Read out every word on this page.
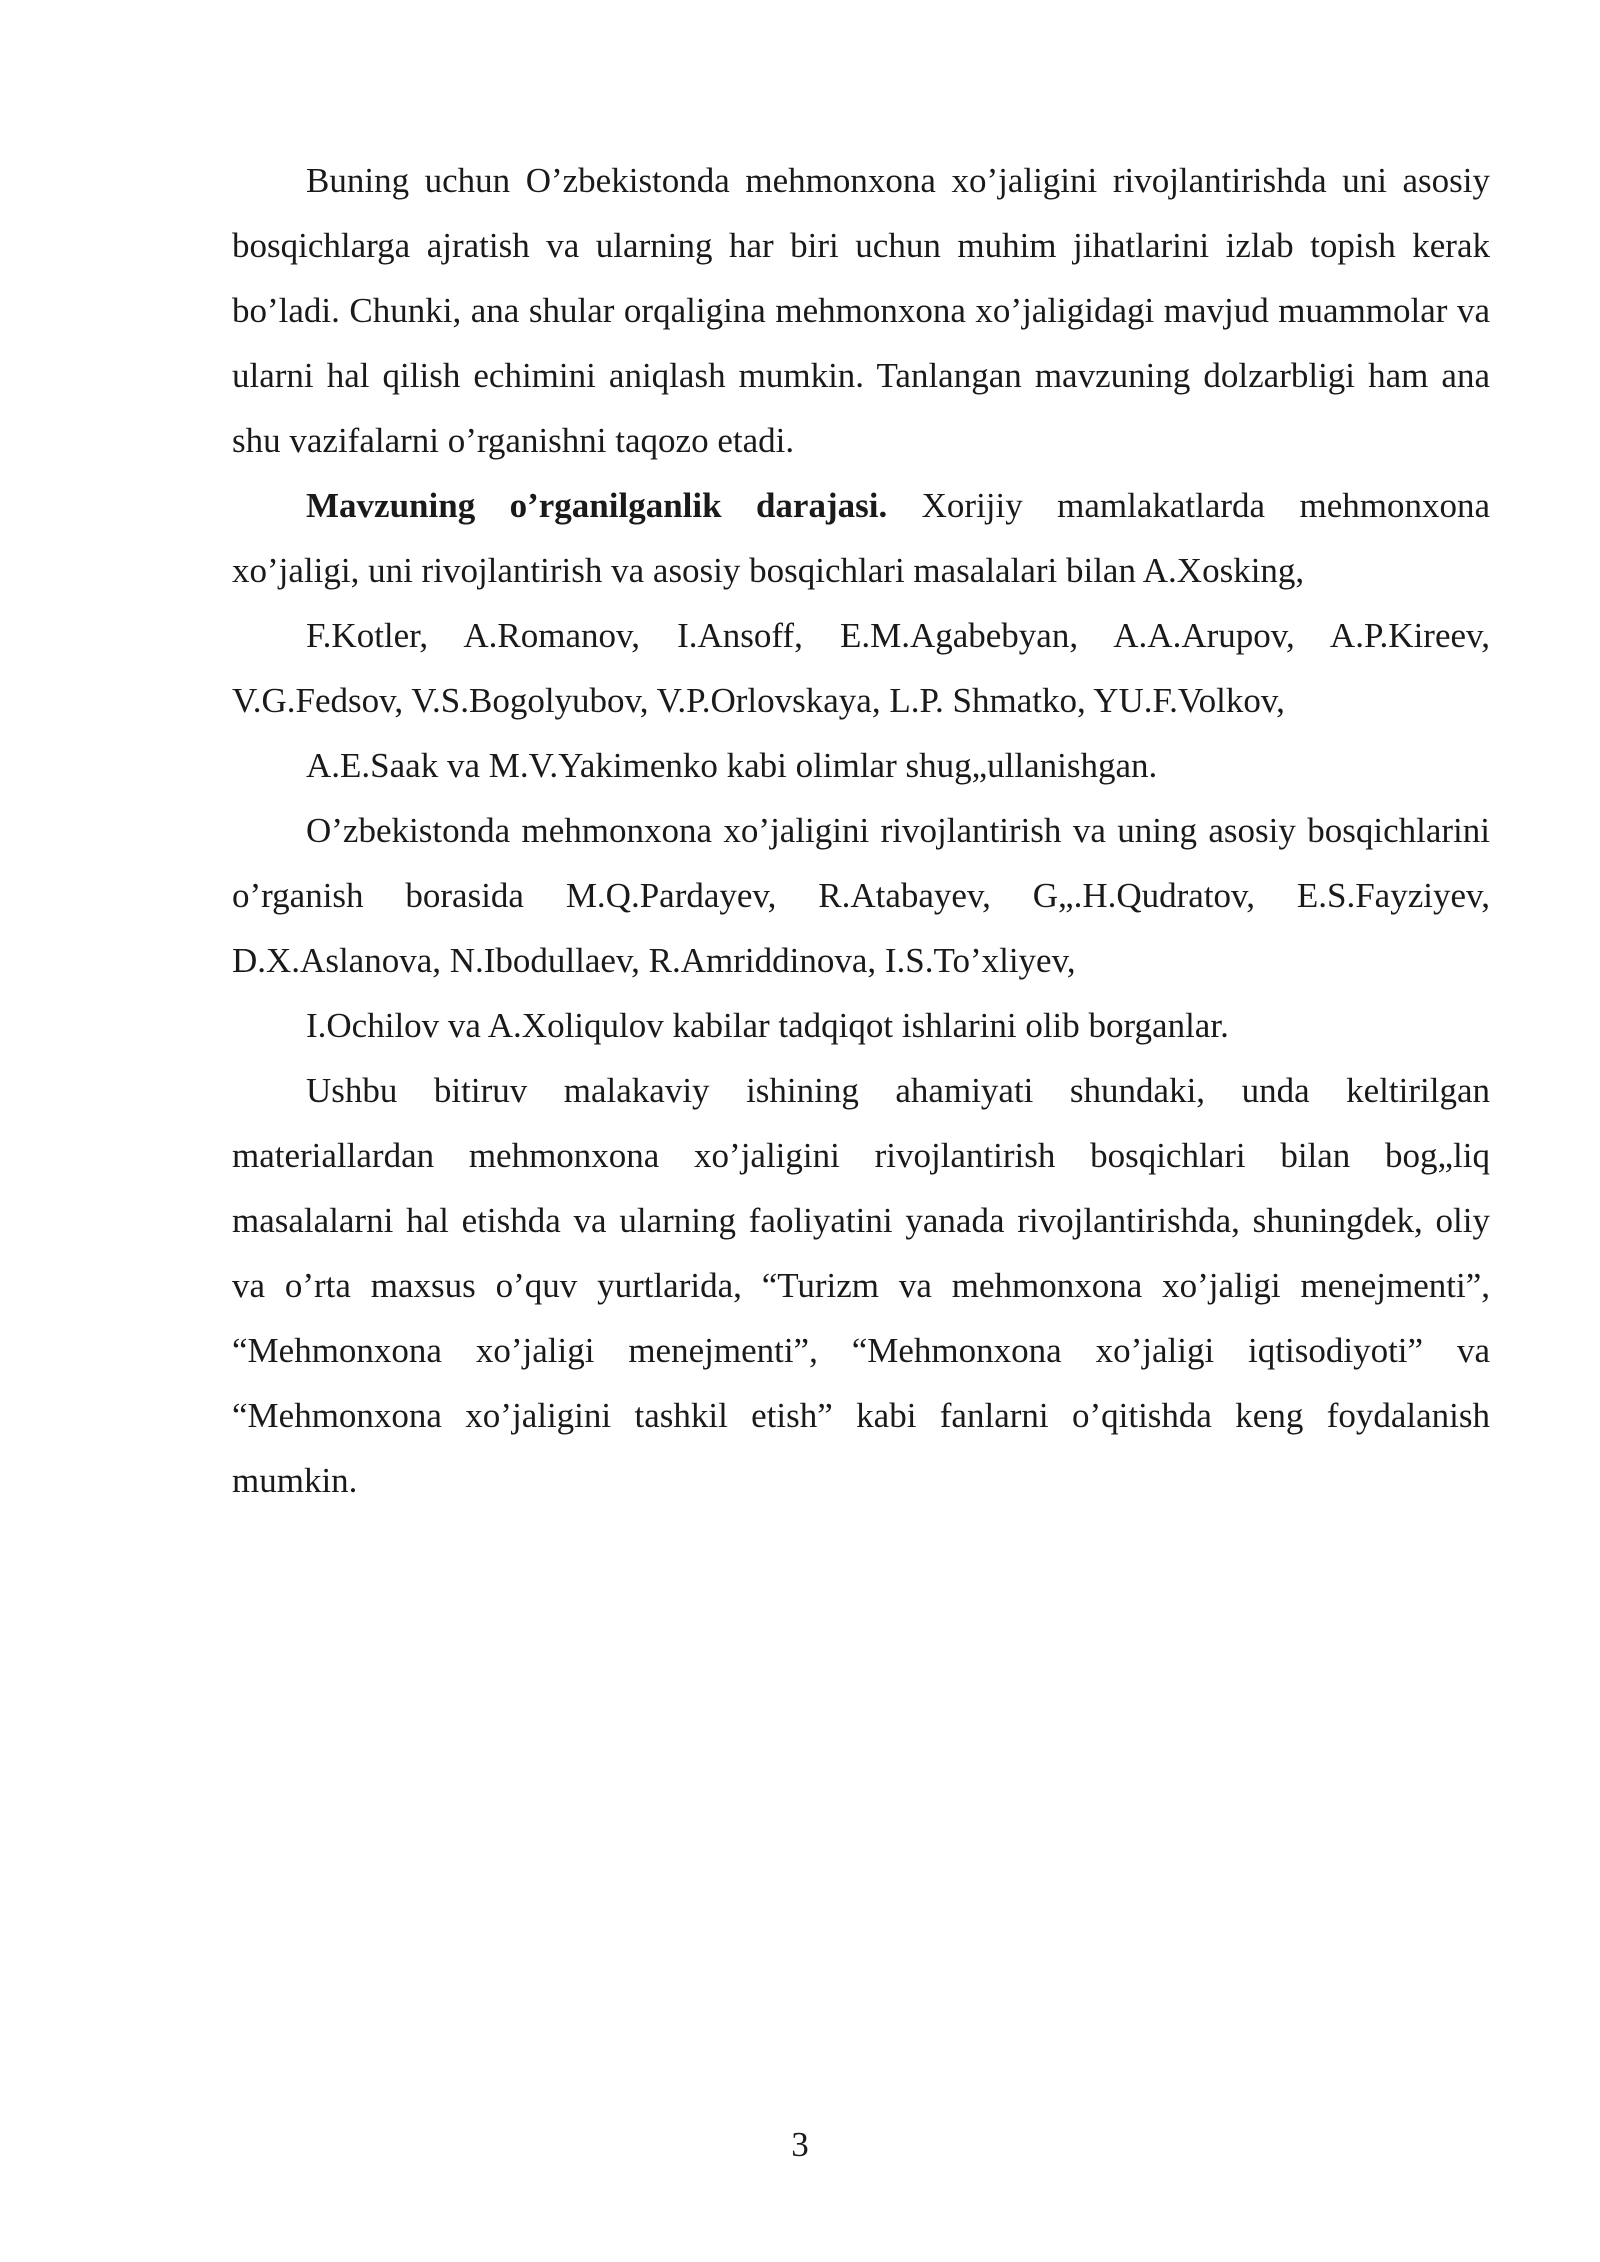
Buning uchun O’zbekistonda mehmonxona xo’jaligini rivojlantirishda uni asosiy bosqichlarga ajratish va ularning har biri uchun muhim jihatlarini izlab topish kerak bo’ladi. Chunki, ana shular orqaligina mehmonxona xo’jaligidagi mavjud muammolar va ularni hal qilish echimini aniqlash mumkin. Tanlangan mavzuning dolzarbligi ham ana shu vazifalarni o’rganishni taqozo etadi.

Mavzuning o’rganilganlik darajasi. Xorijiy mamlakatlarda mehmonxona xo’jaligi, uni rivojlantirish va asosiy bosqichlari masalalari bilan A.Xosking,

F.Kotler, A.Romanov, I.Ansoff, E.M.Agabebyan, A.A.Arupov, A.P.Kireev, V.G.Fedsov, V.S.Bogolyubov, V.P.Orlovskaya, L.P. Shmatko, YU.F.Volkov,

A.E.Saak va M.V.Yakimenko kabi olimlar shug„ullanishgan.

O’zbekistonda mehmonxona xo’jaligini rivojlantirish va uning asosiy bosqichlarini o’rganish borasida M.Q.Pardayev, R.Atabayev, G„.H.Qudratov, E.S.Fayziyev, D.X.Aslanova, N.Ibodullaev, R.Amriddinova, I.S.To’xliyev,

I.Ochilov va A.Xoliqulov kabilar tadqiqot ishlarini olib borganlar.

Ushbu bitiruv malakaviy ishining ahamiyati shundaki, unda keltirilgan materiallardan mehmonxona xo’jaligini rivojlantirish bosqichlari bilan bog„liq masalalarni hal etishda va ularning faoliyatini yanada rivojlantirishda, shuningdek, oliy va o’rta maxsus o’quv yurtlarida, “Turizm va mehmonxona xo’jaligi menejmenti”, “Mehmonxona xo’jaligi menejmenti”, “Mehmonxona xo’jaligi iqtisodiyoti” va “Mehmonxona xo’jaligini tashkil etish” kabi fanlarni o’qitishda keng foydalanish mumkin.

3
